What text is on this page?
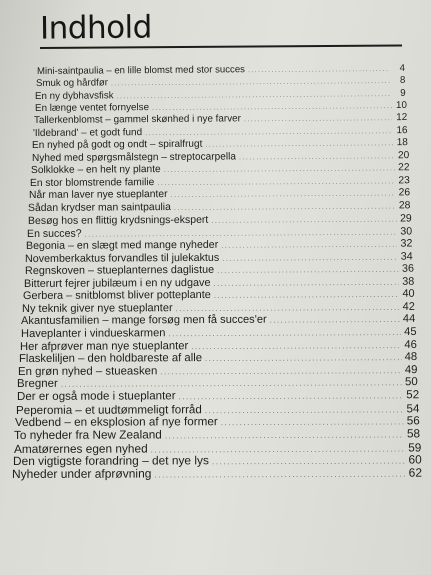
Indhold
Mini-saintpaulia – en lille blomst med stor succes .....	4
Smuk og hårdfør .....	8
En ny dybhavsfisk .....	9
En længe ventet fornyelse .....	10
Tallerkenblomst – gammel skønhed i nye farver .....	12
'Ildebrand' – et godt fund .....	16
En nyhed på godt og ondt – spiralfrugt .....	18
Nyhed med spørgsmålstegn – streptocarpella .....	20
Solklokke – en helt ny plante .....	22
En stor blomstrende familie .....	23
Når man laver nye stueplanter .....	26
Sådan krydser man saintpaulia .....	28
Besøg hos en flittig krydsnings-ekspert .....	29
En succes? .....	30
Begonia – en slægt med mange nyheder .....	32
Novemberkaktus forvandles til julekaktus .....	34
Regnskoven – stueplanternes daglistue .....	36
Bitterurt fejrer jubilæum i en ny udgave .....	38
Gerbera – snitblomst bliver potteplante .....	40
Ny teknik giver nye stueplanter .....	42
Akantusfamilien – mange forsøg men få succes'er .....	44
Haveplanter i vindueskarmen .....	45
Her afprøver man nye stueplanter .....	46
Flaskeliljen – den holdbareste af alle .....	48
En grøn nyhed – stueasken .....	49
Bregner .....	50
Der er også mode i stueplanter .....	52
Peperomia – et uudtømmeligt forråd .....	54
Vedbend – en eksplosion af nye former .....	56
To nyheder fra New Zealand .....	58
Amatørernes egen nyhed .....	59
Den vigtigste forandring – det nye lys .....	60
Nyheder under afprøvning .....	62
